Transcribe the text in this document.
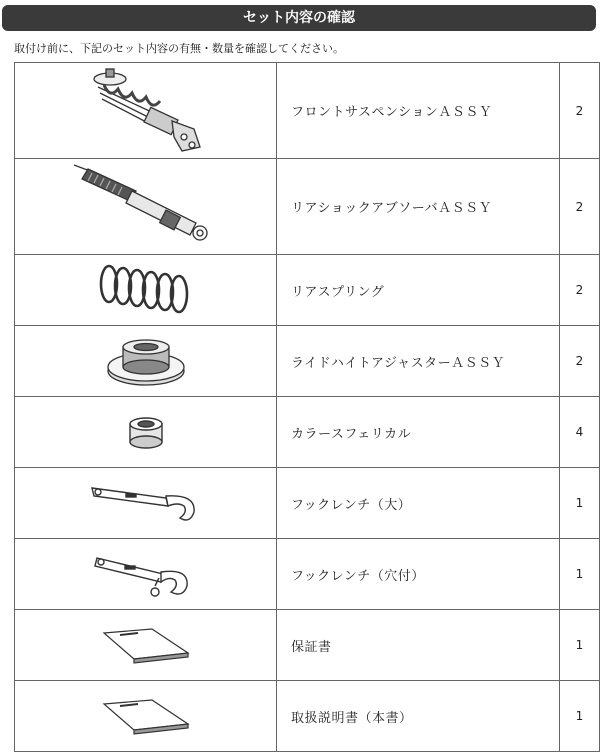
セット内容の確認
取付け前に、下記のセット内容の有無・数量を確認してください。
	フロントサスペンションＡＳＳＹ	2

	リアショックアブソーバＡＳＳＹ	2

	リアスプリング	2

	ライドハイトアジャスターＡＳＳＹ	2

	カラースフェリカル	4

	フックレンチ（大）	1

	フックレンチ（穴付）	1

	保証書	1

	取扱説明書（本書）	1
